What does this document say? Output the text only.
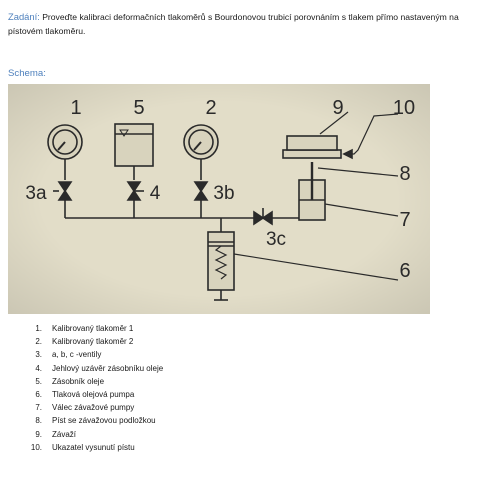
Zadání: Proveďte kalibraci deformačních tlakoměrů s Bourdonovou trubicí porovnáním s tlakem přímo nastaveným na pístovém tlakoměru.
Schema:
1	5	2	9 10
3a	4	3b
3c
8
7
6
1. Kalibrovaný tlakoměr 1
2. Kalibrovaný tlakoměr 2
3. a, b, c -ventily
4. Jehlový uzávěr zásobníku oleje
5. Zásobník oleje
6. Tlaková olejová pumpa
7. Válec závažové pumpy
8. Píst se závažovou podložkou
9. Závaží
10. Ukazatel vysunutí pístu
